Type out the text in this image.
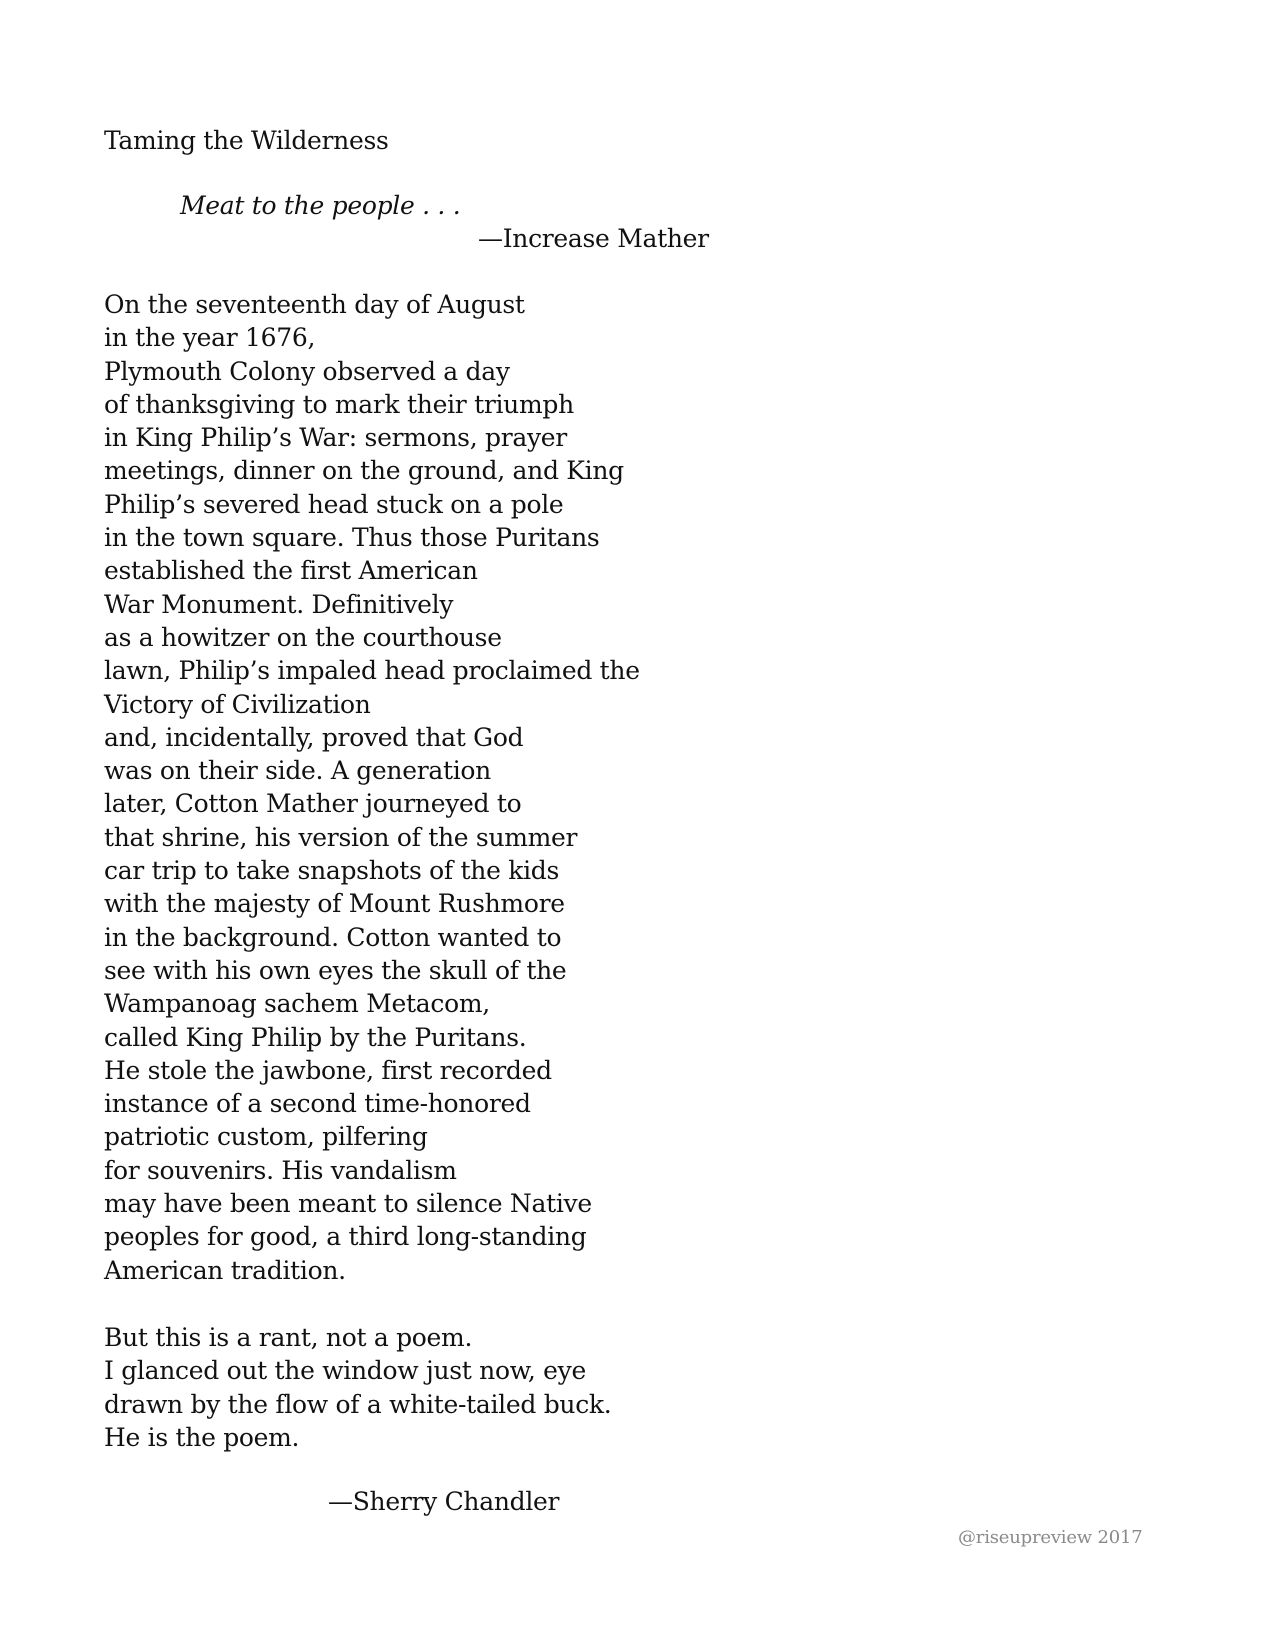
Taming the Wilderness
Meat to the people . . .
—Increase Mather
On the seventeenth day of August
in the year 1676,
Plymouth Colony observed a day
of thanksgiving to mark their triumph
in King Philip’s War: sermons, prayer
meetings, dinner on the ground, and King
Philip’s severed head stuck on a pole
in the town square. Thus those Puritans
established the first American
War Monument. Definitively
as a howitzer on the courthouse
lawn, Philip’s impaled head proclaimed the
Victory of Civilization
and, incidentally, proved that God
was on their side. A generation
later, Cotton Mather journeyed to
that shrine, his version of the summer
car trip to take snapshots of the kids
with the majesty of Mount Rushmore
in the background. Cotton wanted to
see with his own eyes the skull of the
Wampanoag sachem Metacom,
called King Philip by the Puritans.
He stole the jawbone, first recorded
instance of a second time-honored
patriotic custom, pilfering
for souvenirs. His vandalism
may have been meant to silence Native
peoples for good, a third long-standing
American tradition.
But this is a rant, not a poem.
I glanced out the window just now, eye
drawn by the flow of a white-tailed buck.
He is the poem.
—Sherry Chandler
@riseupreview 2017
